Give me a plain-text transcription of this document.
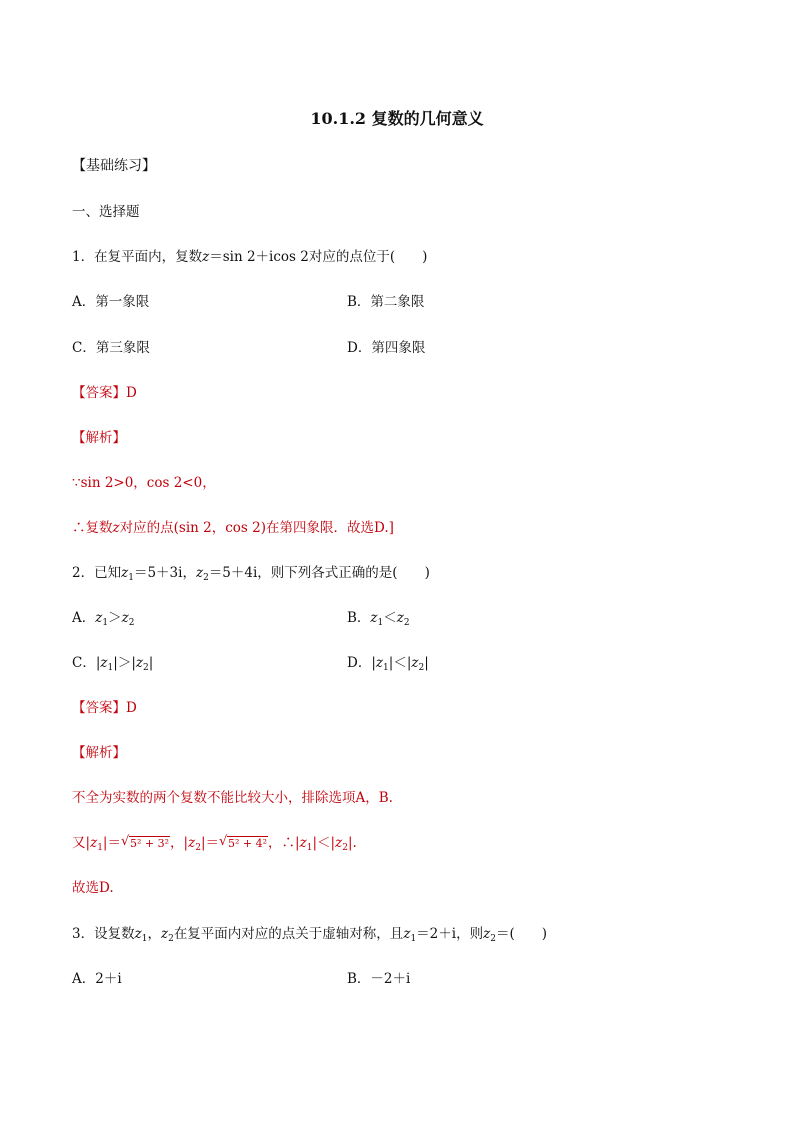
10.1.2 复数的几何意义
【基础练习】
一、选择题
1．在复平面内，复数z＝sin 2＋icos 2对应的点位于(　　)
A．第一象限	B．第二象限
C．第三象限	D．第四象限
【答案】D
【解析】
∵sin 2>0，cos 2<0，
∴复数z对应的点(sin 2，cos 2)在第四象限．故选D.]
2．已知$z_1=5+3i$，$z_2=5+4i$，则下列各式正确的是(　　)
A．$z_1>z_2$	B．$z_1<z_2$
C．$|z_1|>|z_2|$	D．$|z_1|<|z_2|$
【答案】D
【解析】
不全为实数的两个复数不能比较大小，排除选项A，B.
又$|z_1|=√$ 5² + 3²，$|z_2|=√$ 5² + 4²，$\therefore|z_1|<|z_2|$.
故选D.
3．设复数$z_1$，$z_2$在复平面内对应的点关于虚轴对称，且$z_1=2+i$，则$z_2=$(　　)
A．2＋i	B．－2＋i
